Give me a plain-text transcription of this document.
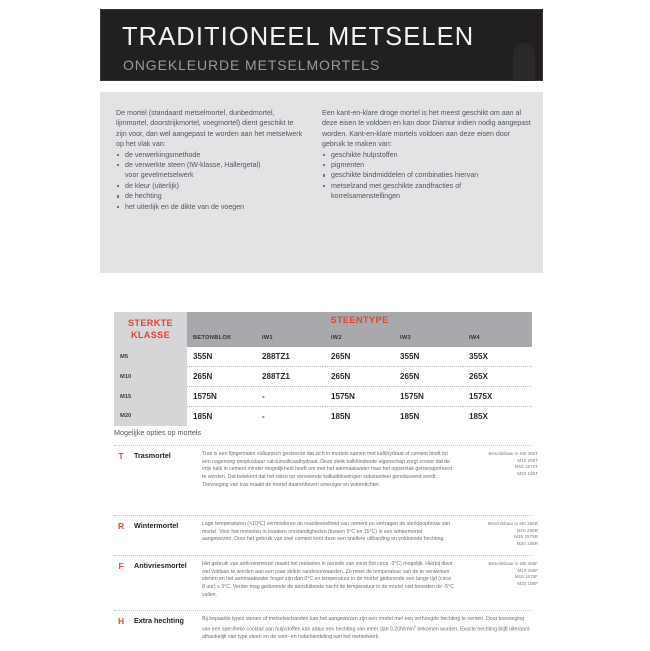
TRADITIONEEL METSELEN
ONGEKLEURDE METSELMORTELS

De mortel (standaard metselmortel, dunbedmortel, lijmmortel, doorstrijkmortel, voegmortel) dient geschikt te zijn voor, dan wel aangepast te worden aan het metselwerk op het vlak van:

de verwerkingsmethode
de verwerkte steen (IW-klasse, Hallergetal)
voor gevelmetselwerk
de kleur (uiterlijk)
de hechting
het uiterlijk en de dikte van de voegen

Een kant-en-klare droge mortel is het meest geschikt om aan al deze eisen te voldoen en kan door Diamur indien nodig aangepast worden. Kant-en-klare mortels voldoen aan deze eisen door gebruik te maken van:

geschikte hulpstoffen
pigmenten
geschikte bindmiddelen of combinaties hiervan
metselzand met geschikte zandfracties of
korrelsamenstellingen
STERKTE
KLASSE	STEENTYPE				
	BETONBLOK	IW1	IW2	IW3	IW4
M5	355N	288TZ1	265N	355N	355X
M10	265N	288TZ1	265N	265N	265X
M15	1575N	-	1575N	1575N	1575X
M20	185N	-	185N	185N	185X
Mogelijke opties op mortels
T	Trasmortel	Tras is een fijngemalen vulkanisch gesteente dat zich in mortels samen met kalkhydraat of cement bindt tot een nagenoeg onoplosbaar calciumsilicaathydraat. Deze sterk kalkbindende eigenschap zorgt ervoor dat de vrije kalk in cement minder mogelijkheid heeft om met het aanmaakwater naar het oppervlak getransporteerd te worden. Dat betekent dat het risico op vervelende kalkuitbloeiingen substantieel gereduceerd wordt. Toevoeging van tras maakt de mortel daarenboven smeuïger en waterdichter.
Beschikbaar in M5 355T
M10 265T
M15 1575T
M20 185T
R	Wintermortel	Lage temperaturen (<10°C) verminderen de reactiesnelheid van cement en vertragen de sterkteopbouw van mortel. Voor het metselen in koudere omstandigheden (tussen 5°C en 15°C) is een wintermortel aangewezen. Door het gebruik van snel cement kent deze een snellere uitharding en voldoende hechting.
Beschikbaar in M5 355R
M10 265R
M15 1575R
M20 185R
F	Antivriesmortel	Het gebruik van antivriesmortel maakt het metselen in periode van vorst (tot circa -3°C) mogelijk. Hierbij dient wel voldaan te worden aan een paar strikte randvoorwaarden. Zo moet de temperatuur van de te verwerken stenen en het aanmaakwater hoger zijn dan 0°C en temperatuur in de mortel gedurende een lange tijd (circa 8 uur) ≥ 3°C. Verder mag gedurende de aansluitende nacht de temperatuur in de mortel niet beneden de -5°C vallen.
Beschikbaar in M5 355F
M10 265F
M15 1575F
M20 185F
H	Extra hechting	Bij bepaalde types stenen of metselverbanden kan het aangewezen zijn een mortel met een verhoogde hechting te nemen. Door toevoeging van een specifieke cocktail aan hulpstoffen kan aldus een hechting van meer dan $0,20N/mm^2$ bekomen worden. Exacte hechting blijft uiteraard afhankelijk van type steen en de voor- en nabehandeling van het metselwerk.
